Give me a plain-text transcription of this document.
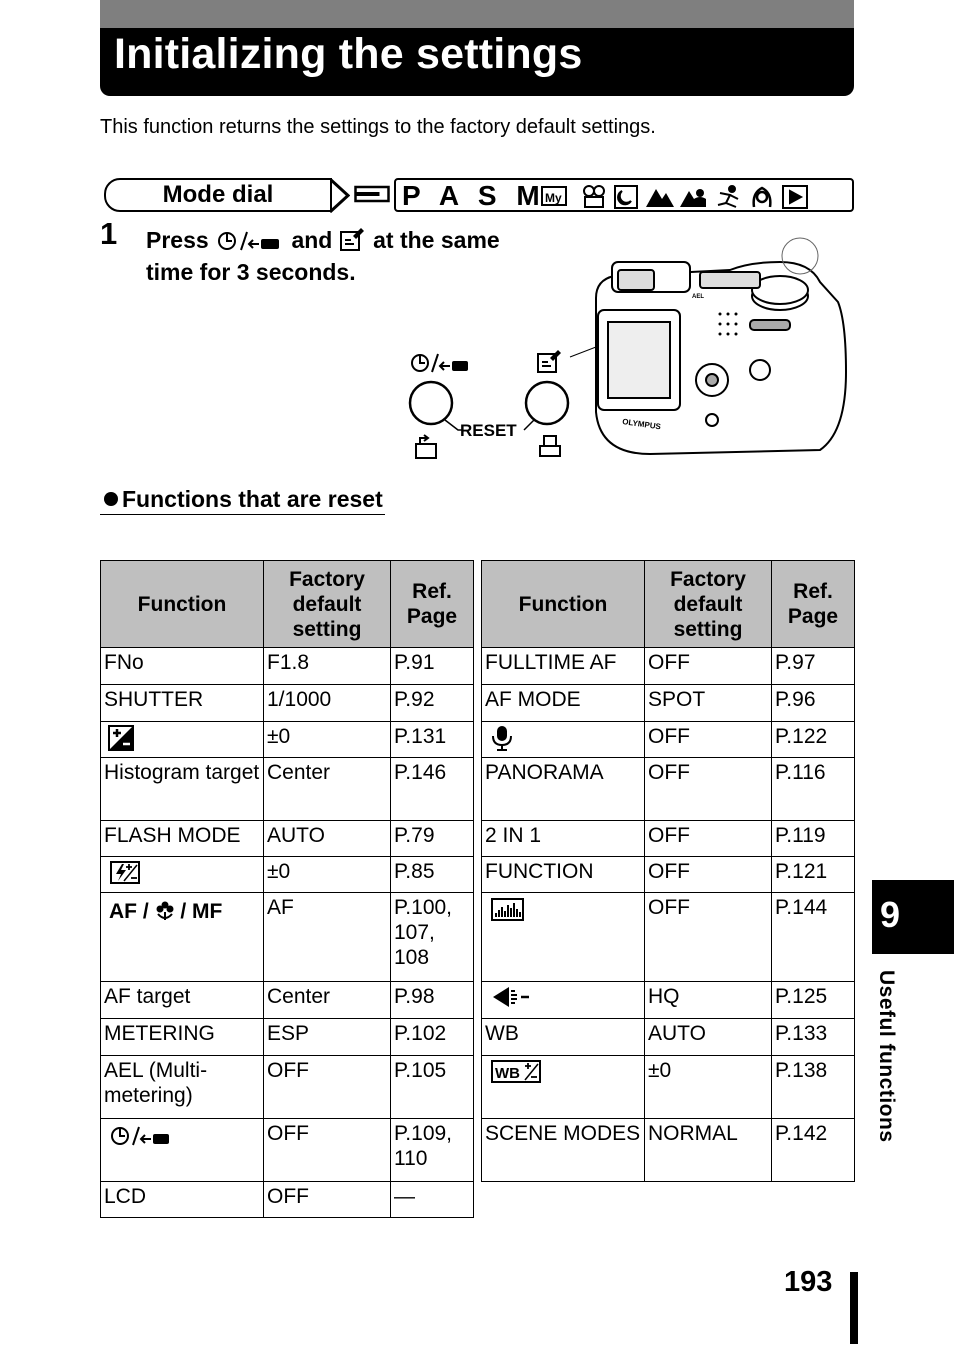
Initializing the settings
This function returns the settings to the factory default settings.
Mode dial	P A S M My
1 Press	and at the same
time for 3 seconds.
RESET	OLYMPUS
AEL
Functions that are reset
Function	Factory
default
setting	Ref.
Page
FNo	F1.8	P.91
SHUTTER	1/1000	P.92
	±0	P.131
Histogram target	Center	P.146
FLASH MODE	AUTO	P.79
	±0	P.85
AF /  / MF	AF	P.100, 107, 108
AF target	Center	P.98
METERING	ESP	P.102
AEL (Multi-metering)	OFF	P.105
	OFF	P.109, 110
LCD	OFF	—
Function	Factory
default
setting	Ref.
Page
FULLTIME AF	OFF	P.97
AF MODE	SPOT	P.96
	OFF	P.122
PANORAMA	OFF	P.116
2 IN 1	OFF	P.119
FUNCTION	OFF	P.121
	OFF	P.144
	HQ	P.125
WB	AUTO	P.133

WB	±0	P.138
SCENE MODES	NORMAL	P.142
9
Useful functions
193
